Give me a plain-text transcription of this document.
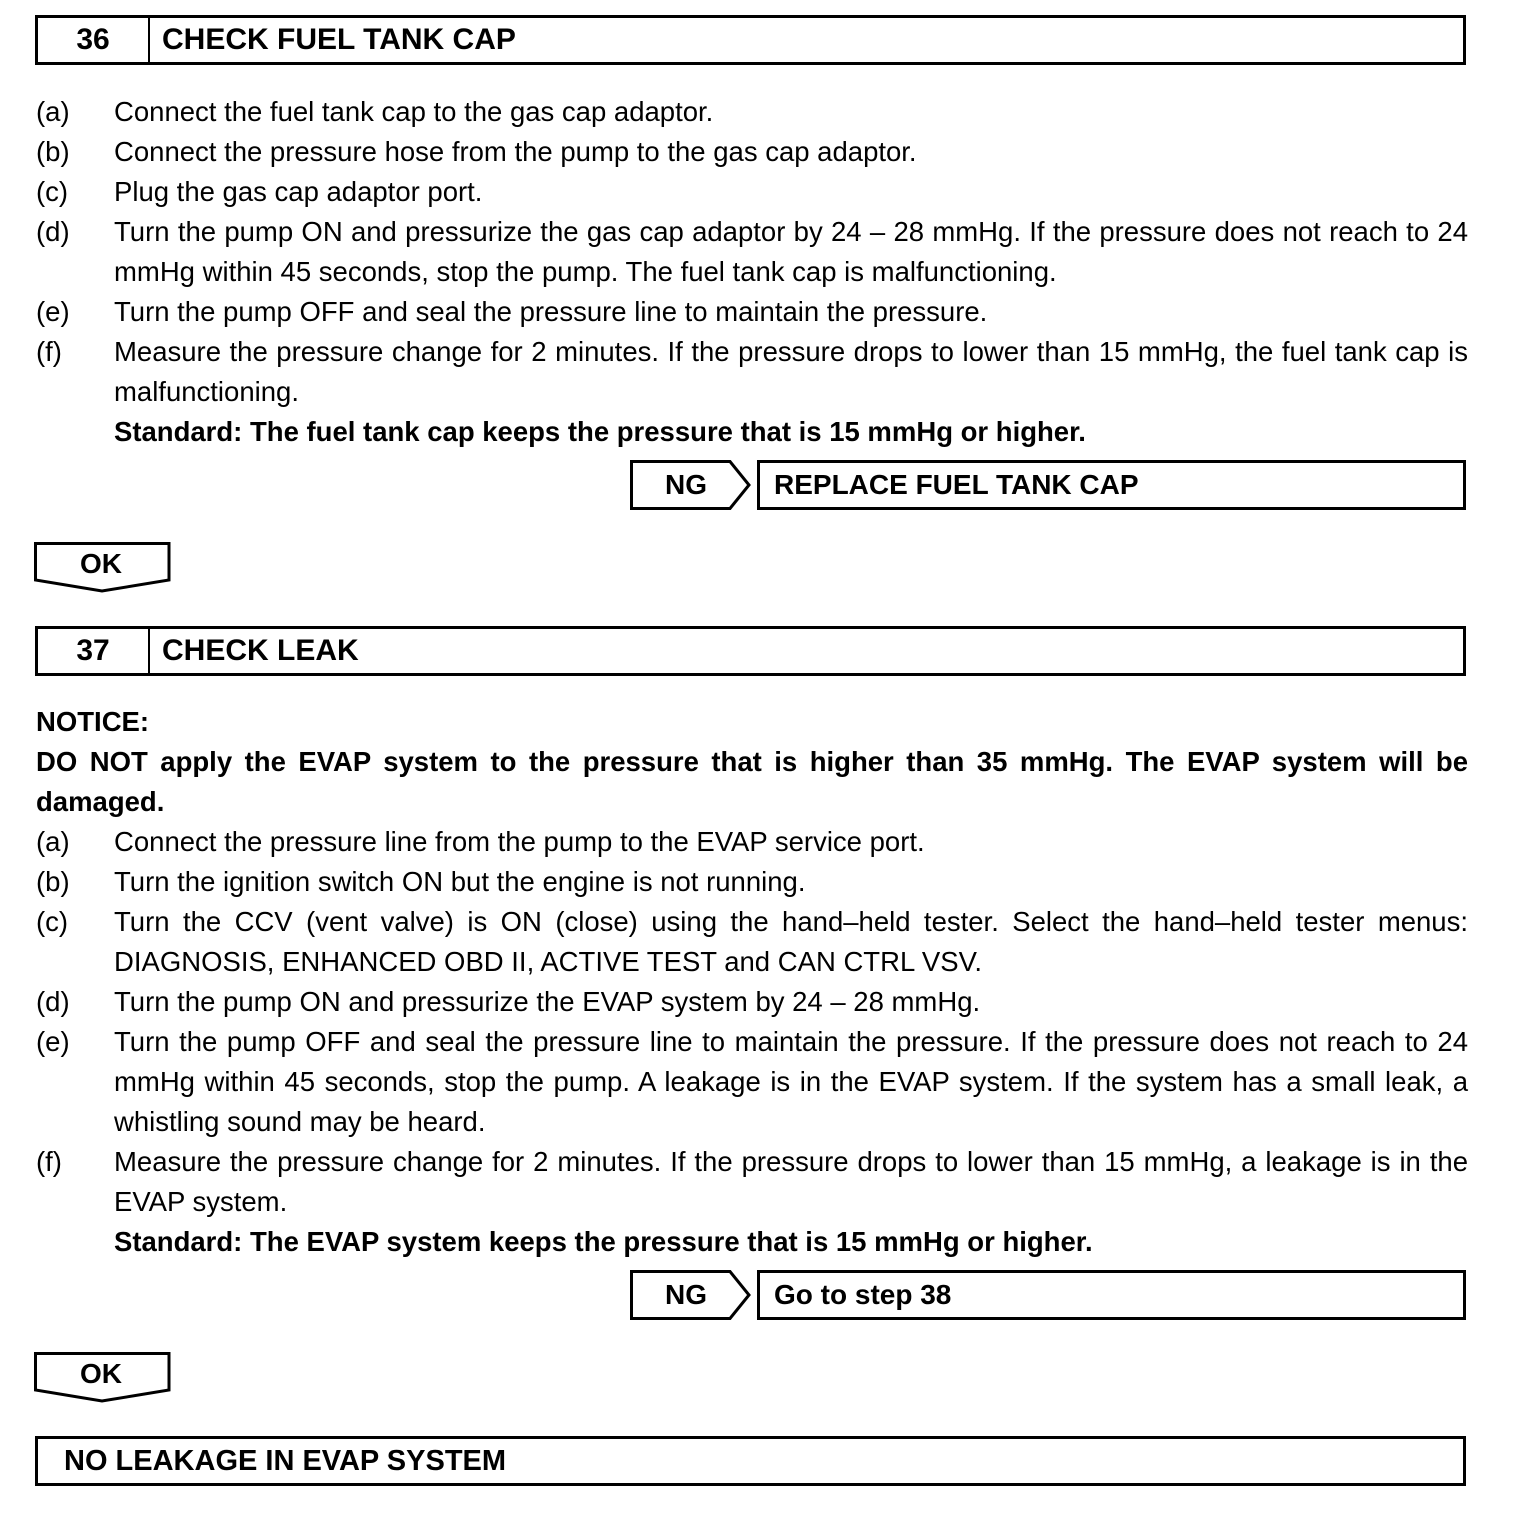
36	CHECK FUEL TANK CAP
(a) Connect the fuel tank cap to the gas cap adaptor.
(b) Connect the pressure hose from the pump to the gas cap adaptor.
(c) Plug the gas cap adaptor port.
(d) Turn the pump ON and pressurize the gas cap adaptor by 24 – 28 mmHg. If the pressure does not reach to 24 mmHg within 45 seconds, stop the pump. The fuel tank cap is malfunctioning.
(e) Turn the pump OFF and seal the pressure line to maintain the pressure.
(f) Measure the pressure change for 2 minutes. If the pressure drops to lower than 15 mmHg, the fuel tank cap is malfunctioning.
Standard: The fuel tank cap keeps the pressure that is 15 mmHg or higher.
NG	REPLACE FUEL TANK CAP
OK
37	CHECK LEAK
NOTICE:
DO NOT apply the EVAP system to the pressure that is higher than 35 mmHg. The EVAP system will be damaged.
(a) Connect the pressure line from the pump to the EVAP service port.
(b) Turn the ignition switch ON but the engine is not running.
(c) Turn the CCV (vent valve) is ON (close) using the hand–held tester. Select the hand–held tester menus: DIAGNOSIS, ENHANCED OBD II, ACTIVE TEST and CAN CTRL VSV.
(d) Turn the pump ON and pressurize the EVAP system by 24 – 28 mmHg.
(e) Turn the pump OFF and seal the pressure line to maintain the pressure. If the pressure does not reach to 24 mmHg within 45 seconds, stop the pump. A leakage is in the EVAP system. If the system has a small leak, a whistling sound may be heard.
(f) Measure the pressure change for 2 minutes. If the pressure drops to lower than 15 mmHg, a leakage is in the EVAP system.
Standard: The EVAP system keeps the pressure that is 15 mmHg or higher.
NG	Go to step 38
OK
NO LEAKAGE IN EVAP SYSTEM
